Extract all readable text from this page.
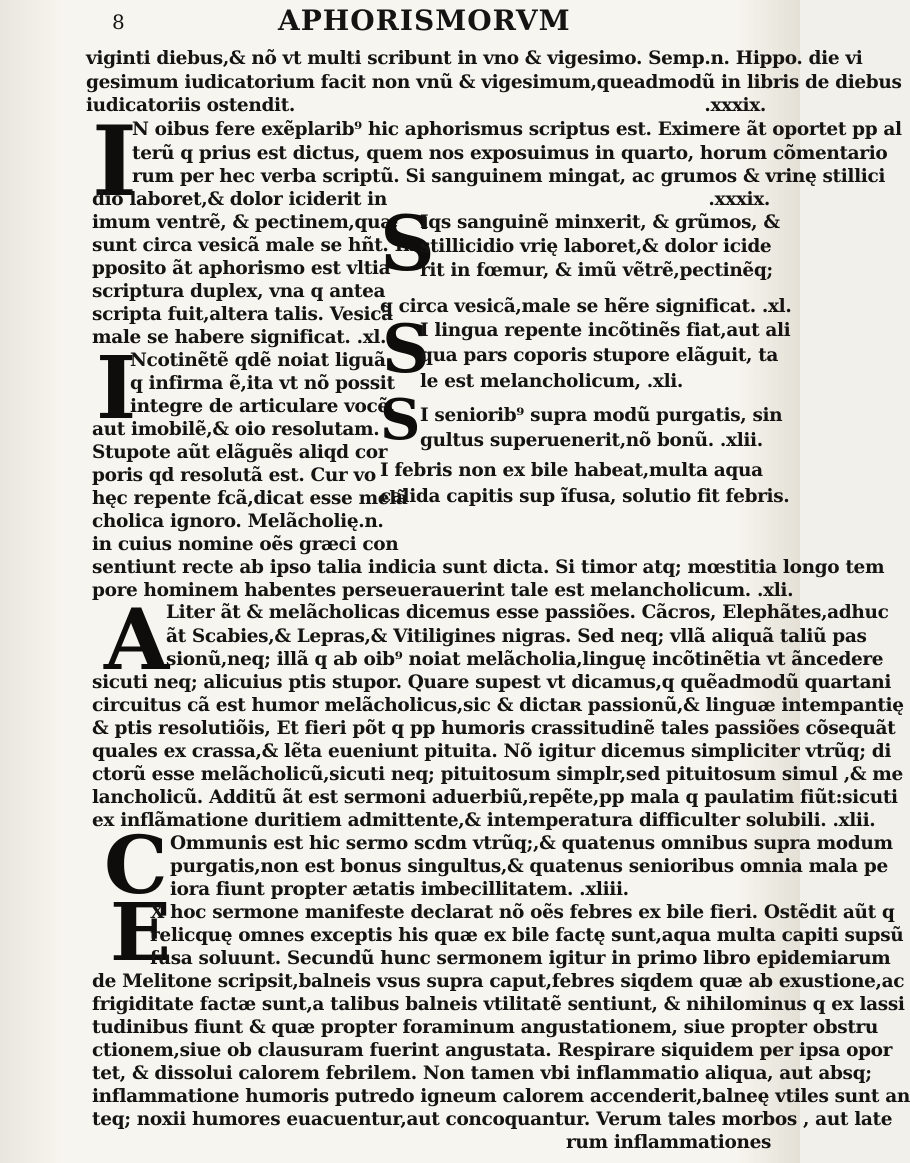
8	APHORISMORVM
viginti diebus,& nõ vt multi scribunt in vno & vigesimo. Semp.n. Hippo. die vi
gesimum iudicatorium facit non vnũ & vigesimum,queadmodũ in libris de diebus
iudicatoriis ostendit.	.xxxix.
I
N oibus fere exẽplarib⁹ hic aphorismus scriptus est. Eximere ãt oportet pp al
terũ q prius est dictus, quem nos exposuimus in quarto, horum cõmentario
rum per hec verba scriptũ. Si sanguinem mingat, ac grumos & vrinę stillici
dio laboret,& dolor iciderit in	.xxxix.
imum ventrẽ, & pectinem,quæ
sunt circa vesicã male se hñt. In
pposito ãt aphorismo est vltia
scriptura duplex, vna q antea
scripta fuit,altera talis. Vesicã
male se habere significat. .xl.
I
Ncotinẽtẽ qdẽ noiat liguã
q infirma ẽ,ita vt nõ possit
integre de articulare vocẽ,
aut imobilẽ,& oio resolutam.
Stupote aũt elãguẽs aliqd cor
poris qd resolutã est. Cur vo
hęc repente fcã,dicat esse melã
cholica ignoro. Melãcholię.n.
in cuius nomine oẽs græci con
S
Iqs sanguinẽ minxerit, & grũmos, &
stillicidio vrię laboret,& dolor icide
rit in fœmur, & imũ vẽtrẽ,pectinẽq;
q circa vesicã,male se hẽre significat. .xl.
S
I lingua repente incõtinẽs fiat,aut ali
qua pars coporis stupore elãguit, ta
le est melancholicum, .xli.
S I seniorib⁹ supra modũ purgatis, sin
gultus superuenerit,nõ bonũ. .xlii.
I febris non ex bile habeat,multa aqua
calida capitis sup ĩfusa, solutio fit febris.
sentiunt recte ab ipso talia indicia sunt dicta. Si timor atq; mœstitia longo tem
pore hominem habentes perseuerauerint tale est melancholicum. .xli.
A
Liter ãt & melãcholicas dicemus esse passiões. Cãcros, Elephãtes,adhuc
ãt Scabies,& Lepras,& Vitiligines nigras. Sed neq; vllã aliquã taliũ pas
sionũ,neq; illã q ab oib⁹ noiat melãcholia,linguę incõtinẽtia vt ãncedere
sicuti neq; alicuius ptis stupor. Quare supest vt dicamus,q quẽadmodũ quartani
circuitus cã est humor melãcholicus,sic & dictaʀ passionũ,& linguæ intempantię
& ptis resolutiõis, Et fieri põt q pp humoris crassitudinẽ tales passiões cõsequãt
quales ex crassa,& lẽta eueniunt pituita. Nõ igitur dicemus simpliciter vtrũq; di
ctorũ esse melãcholicũ,sicuti neq; pituitosum simplr,sed pituitosum simul ,& me
lancholicũ. Additũ ãt est sermoni aduerbiũ,repẽte,pp mala q paulatim fiũt:sicuti
ex inflãmatione duritiem admittente,& intemperatura difficulter solubili. .xlii.
C Ommunis est hic sermo scdm vtrũq;,& quatenus omnibus supra modum
purgatis,non est bonus singultus,& quatenus senioribus omnia mala pe
iora fiunt propter ætatis imbecillitatem. .xliii.
E
X hoc sermone manifeste declarat nõ oẽs febres ex bile fieri. Ostẽdit aũt q
relicquę omnes exceptis his quæ ex bile factę sunt,aqua multa capiti supsũ
fusa soluunt. Secundũ hunc sermonem igitur in primo libro epidemiarum
de Melitone scripsit,balneis vsus supra caput,febres siqdem quæ ab exustione,ac
frigiditate factæ sunt,a talibus balneis vtilitatẽ sentiunt, & nihilominus q ex lassi
tudinibus fiunt & quæ propter foraminum angustationem, siue propter obstru
ctionem,siue ob clausuram fuerint angustata. Respirare siquidem per ipsa opor
tet, & dissolui calorem febrilem. Non tamen vbi inflammatio aliqua, aut absq;
inflammatione humoris putredo igneum calorem accenderit,balneę vtiles sunt an
teq; noxii humores euacuentur,aut concoquantur. Verum tales morbos , aut late
rum inflammationes
